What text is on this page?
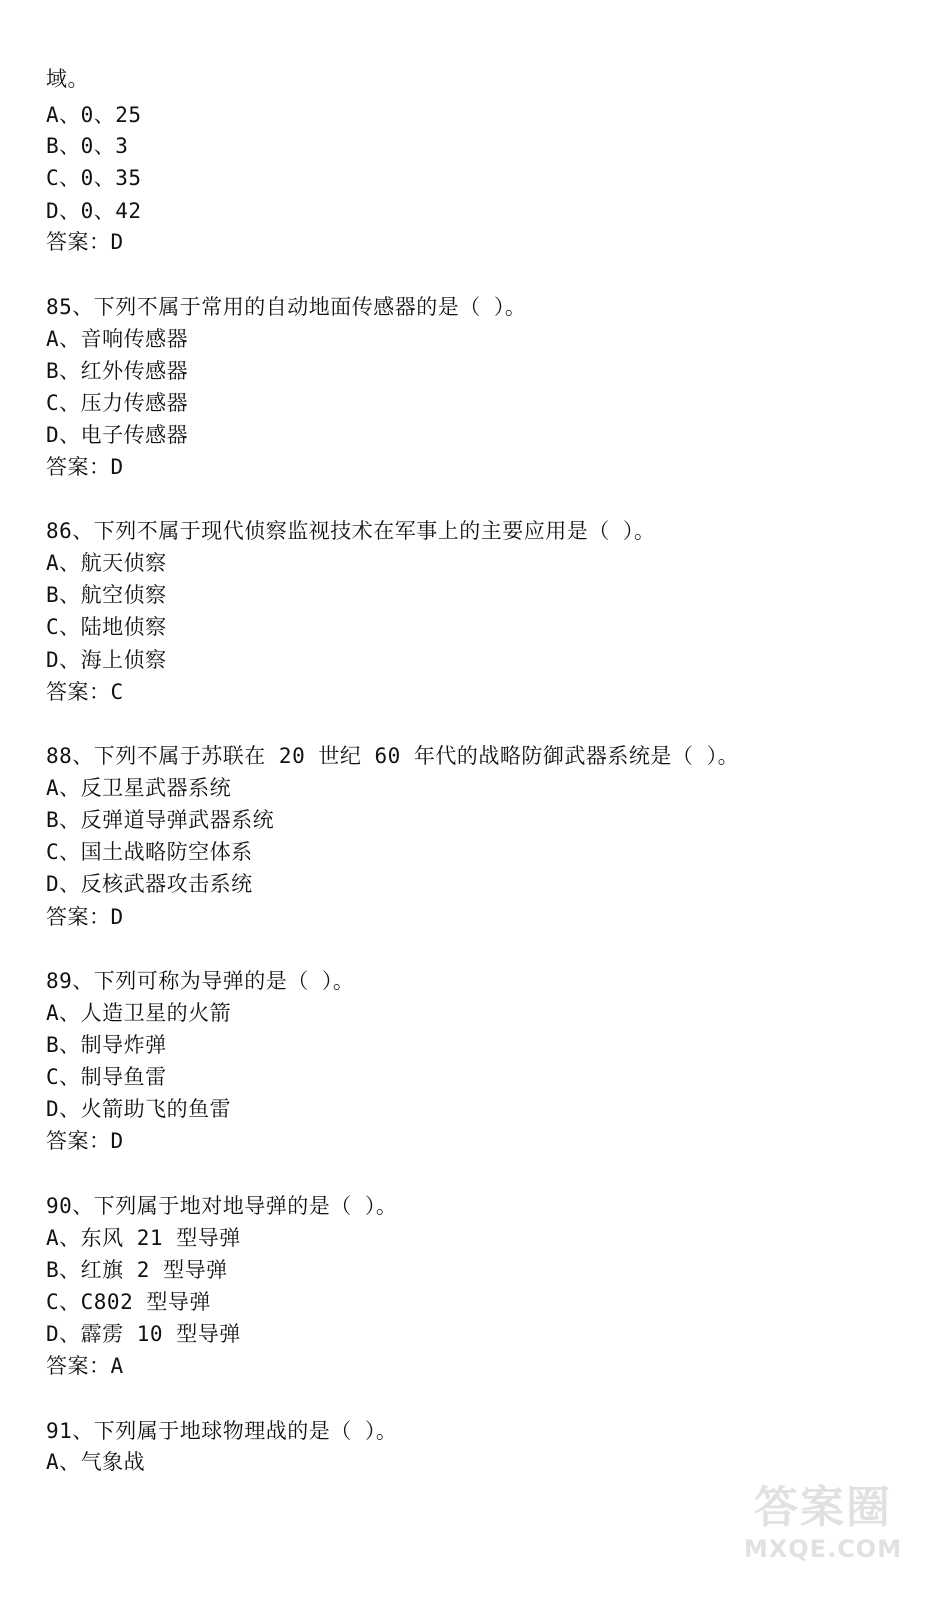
域。
A、0、25
B、0、3
C、0、35
D、0、42
答案：D
85、下列不属于常用的自动地面传感器的是（ ）。
A、音响传感器
B、红外传感器
C、压力传感器
D、电子传感器
答案：D
86、下列不属于现代侦察监视技术在军事上的主要应用是（ ）。
A、航天侦察
B、航空侦察
C、陆地侦察
D、海上侦察
答案：C
88、下列不属于苏联在 20 世纪 60 年代的战略防御武器系统是（ ）。
A、反卫星武器系统
B、反弹道导弹武器系统
C、国土战略防空体系
D、反核武器攻击系统
答案：D
89、下列可称为导弹的是（ ）。
A、人造卫星的火箭
B、制导炸弹
C、制导鱼雷
D、火箭助飞的鱼雷
答案：D
90、下列属于地对地导弹的是（ ）。
A、东风 21 型导弹
B、红旗 2 型导弹
C、C802 型导弹
D、霹雳 10 型导弹
答案：A
91、下列属于地球物理战的是（ ）。
A、气象战
答案圈
MXQE.COM
